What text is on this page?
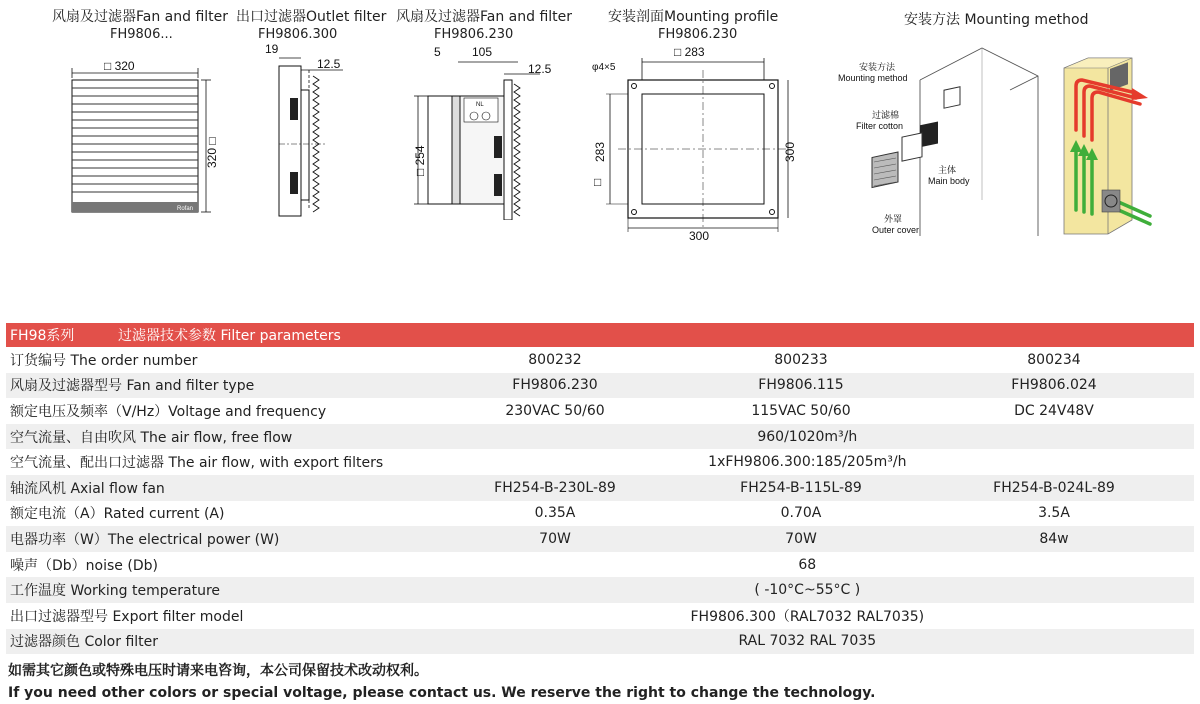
风扇及过滤器Fan and filter
FH9806...
□ 320
Rofan
320 □
出口过滤器Outlet filter
FH9806.300
19
12.5
风扇及过滤器Fan and filter
FH9806.230
5	105
12.5
NL
□ 254
安装剖面Mounting profile
FH9806.230
□ 283
φ4×5
283
□
300
300
安装方法 Mounting method
安装方法
Mounting method
过滤棉
Filter cotton
主体
Main body
外罩
Outer cover
FH98系列	过滤器技术参数 Filter parameters
订货编号 The order number	800232	800233	800234
风扇及过滤器型号 Fan and filter type	FH9806.230	FH9806.115	FH9806.024
额定电压及频率（V/Hz）Voltage and frequency	230VAC 50/60	115VAC 50/60	DC 24V48V
空气流量、自由吹风 The air flow, free flow	960/1020m³/h
空气流量、配出口过滤器 The air flow, with export filters	1xFH9806.300:185/205m³/h
轴流风机 Axial flow fan	FH254-B-230L-89	FH254-B-115L-89	FH254-B-024L-89
额定电流（A）Rated current (A)	0.35A	0.70A	3.5A
电器功率（W）The electrical power (W)	70W	70W	84w
噪声（Db）noise (Db)	68
工作温度 Working temperature	( -10°C~55°C )
出口过滤器型号 Export filter model	FH9806.300（RAL7032 RAL7035)
过滤器颜色 Color filter	RAL 7032 RAL 7035
如需其它颜色或特殊电压时请来电咨询，本公司保留技术改动权利。
If you need other colors or special voltage, please contact us. We reserve the right to change the technology.
